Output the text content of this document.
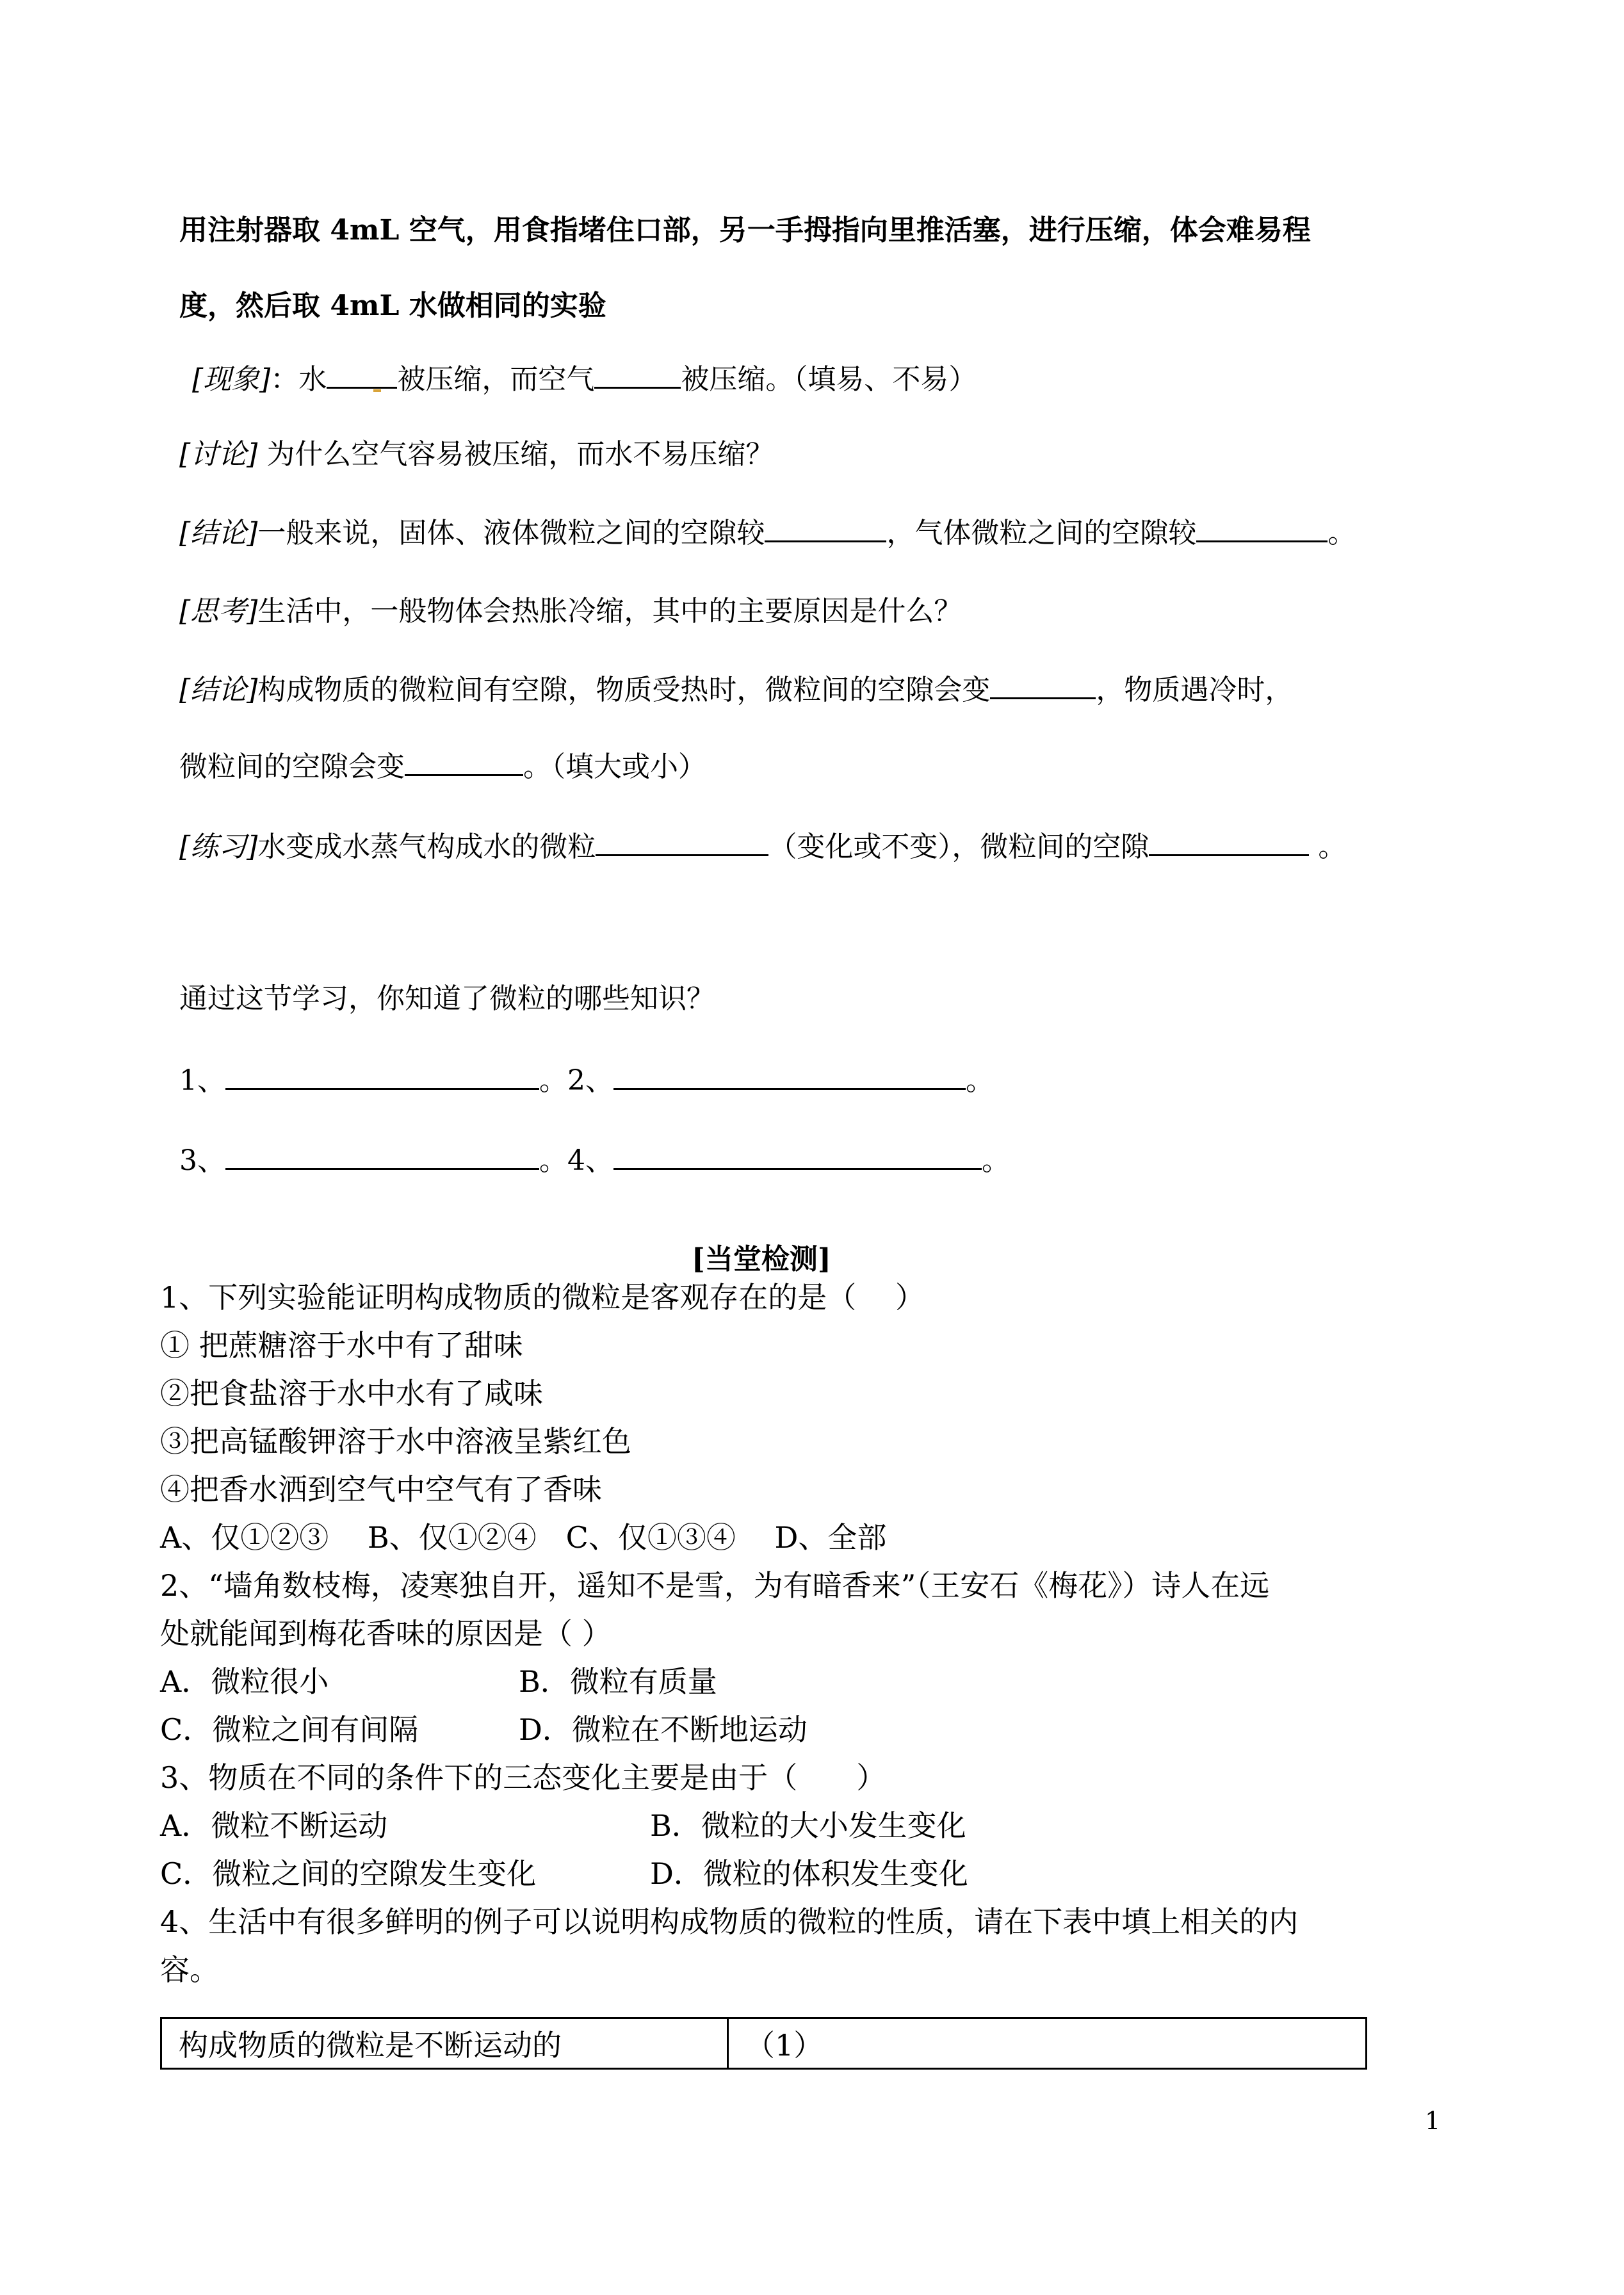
用注射器取 4mL 空气，用食指堵住口部，另一手拇指向里推活塞，进行压缩，体会难易程
度，然后取 4mL 水做相同的实验
[现象]：水	被压缩，而空气	被压缩。（填易、不易）
[讨论] 为什么空气容易被压缩，而水不易压缩？
[结论]一般来说，固体、液体微粒之间的空隙较	，气体微粒之间的空隙较	。
[思考]生活中，一般物体会热胀冷缩，其中的主要原因是什么？
[结论]构成物质的微粒间有空隙，物质受热时，微粒间的空隙会变	，物质遇冷时，
微粒间的空隙会变	。（填大或小）
[练习]水变成水蒸气构成水的微粒	（变化或不变），微粒间的空隙	。
通过这节学习，你知道了微粒的哪些知识？
1、	。2、	。
3、	。4、	。
[当堂检测]
1、下列实验能证明构成物质的微粒是客观存在的是（　 ）
① 把蔗糖溶于水中有了甜味
②把食盐溶于水中水有了咸味
③把高锰酸钾溶于水中溶液呈紫红色
④把香水洒到空气中空气有了香味
A、仅①②③　 B、仅①②④　C、仅①③④　 D、全部
2、“墙角数枝梅，凌寒独自开，遥知不是雪，为有暗香来”（王安石《梅花》）诗人在远
处就能闻到梅花香味的原因是（ ）
A．微粒很小	B．微粒有质量
C．微粒之间有间隔	D．微粒在不断地运动
3、物质在不同的条件下的三态变化主要是由于（　　）
A．微粒不断运动	B．微粒的大小发生变化
C．微粒之间的空隙发生变化	D．微粒的体积发生变化
4、生活中有很多鲜明的例子可以说明构成物质的微粒的性质，请在下表中填上相关的内
容。
构成物质的微粒是不断运动的	（1）
1
